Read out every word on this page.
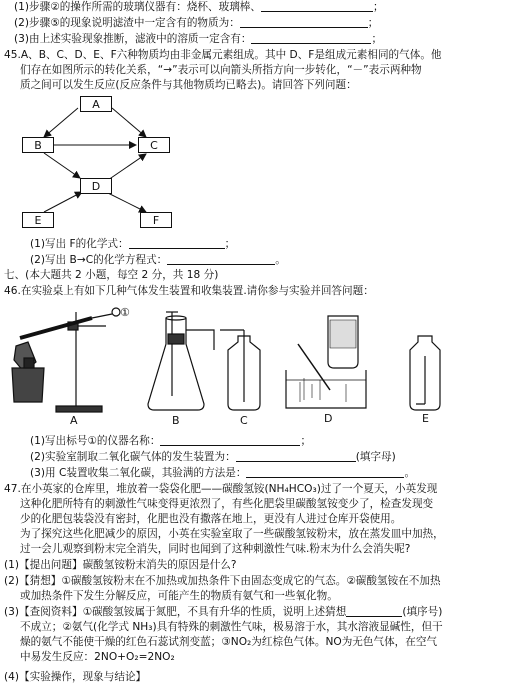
(1)步骤②的操作所需的玻璃仪器有：烧杯、玻璃棒、	；
(2)步骤⑤的现象说明滤渣中一定含有的物质为：	；
(3)由上述实验现象推断，滤液中的溶质一定含有：	；
45.A、B、C、D、E、F六种物质均由非金属元素组成。其中 D、F是组成元素相同的气体。他
们存在如图所示的转化关系，“→”表示可以向箭头所指方向一步转化，“－”表示两种物
质之间可以发生反应(反应条件与其他物质均已略去)。请回答下列问题：
A
B	C
D
E	F
(1)写出 F的化学式：	；
(2)写出 B→C的化学方程式：	。
七、(本大题共 2 小题，每空 2 分，共 18 分)
46.在实验桌上有如下几种气体发生装置和收集装置.请你参与实验并回答问题：
①
A	B	C	D	E
(1)写出标号①的仪器名称：	；
(2)实验室制取二氧化碳气体的发生装置为：	(填字母)
(3)用 C装置收集二氧化碳，其验满的方法是：	。
47.在小英家的仓库里，堆放着一袋袋化肥——碳酸氢铵(NH₄HCO₃)过了一个夏天，小英发现
这种化肥所特有的刺激性气味变得更浓烈了，有些化肥袋里碳酸氢铵变少了，检查发现变
少的化肥包装袋没有密封，化肥也没有撒落在地上，更没有人进过仓库开袋使用。
为了探究这些化肥减少的原因，小英在实验室取了一些碳酸氢铵粉末，放在蒸发皿中加热，
过一会儿观察到粉末完全消失，同时也闻到了这种刺激性气味.粉末为什么会消失呢?
(1)【提出问题】碳酸氢铵粉末消失的原因是什么?
(2)【猜想】①碳酸氢铵粉末在不加热或加热条件下由固态变成它的气态。②碳酸氢铵在不加热
或加热条件下发生分解反应，可能产生的物质有氨气和一些氧化物。
(3)【查阅资料】①碳酸氢铵属于氮肥，不具有升华的性质，说明上述猜想	(填序号)
不成立；②氨气(化学式 NH₃)具有特殊的刺激性气味，极易溶于水，其水溶液显碱性，但干
燥的氨气不能使干燥的红色石蕊试剂变蓝；③NO₂为红棕色气体。NO为无色气体，在空气
中易发生反应：2NO+O₂=2NO₂
(4)【实验操作，现象与结论】
